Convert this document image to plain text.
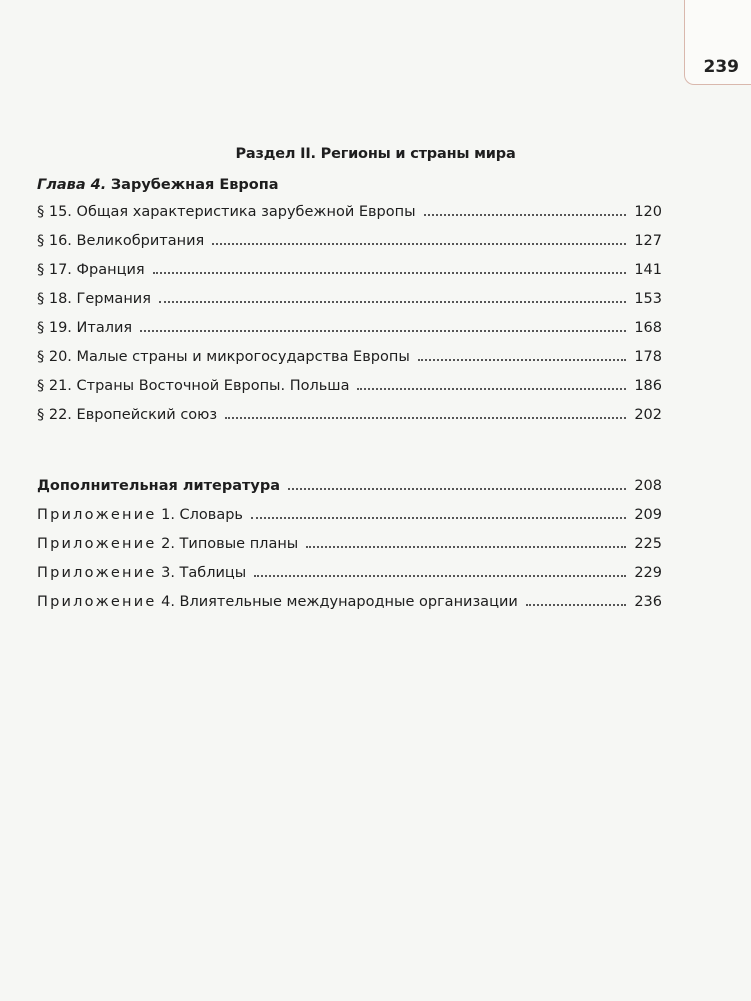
239
Раздел II. Регионы и страны мира
Глава 4. Зарубежная Европа
§ 15. Общая характеристика зарубежной Европы	120
§ 16. Великобритания	127
§ 17. Франция	141
§ 18. Германия	153
§ 19. Италия	168
§ 20. Малые страны и микрогосударства Европы	178
§ 21. Страны Восточной Европы. Польша	186
§ 22. Европейский союз	202
Дополнительная литература	208
Приложение 1. Словарь	209
Приложение 2. Типовые планы	225
Приложение 3. Таблицы	229
Приложение 4. Влиятельные международные организации	236
